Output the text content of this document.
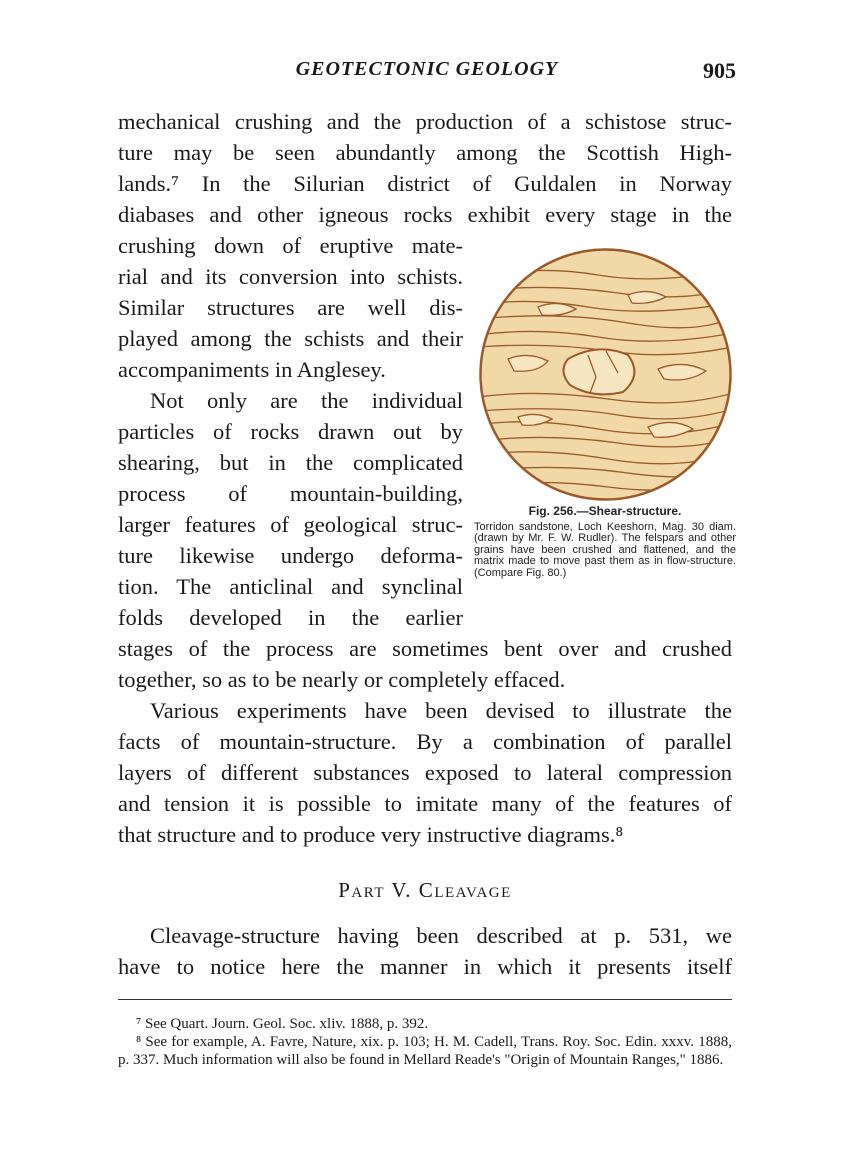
GEOTECTONIC GEOLOGY	905
mechanical crushing and the production of a schistose struc-
ture may be seen abundantly among the Scottish High-
lands.⁷ In the Silurian district of Guldalen in Norway
diabases and other igneous rocks exhibit every stage in the
crushing down of eruptive mate-
rial and its conversion into schists.
Similar structures are well dis-
played among the schists and their
accompaniments in Anglesey.
Not only are the individual
particles of rocks drawn out by
shearing, but in the complicated
process of mountain-building,
larger features of geological struc-
ture likewise undergo deforma-
tion. The anticlinal and synclinal
folds developed in the earlier
stages of the process are sometimes bent over and crushed
together, so as to be nearly or completely effaced.
Various experiments have been devised to illustrate the
facts of mountain-structure. By a combination of parallel
layers of different substances exposed to lateral compression
and tension it is possible to imitate many of the features of
that structure and to produce very instructive diagrams.⁸
Part V. Cleavage
Cleavage-structure having been described at p. 531, we
have to notice here the manner in which it presents itself
Fig. 256.—Shear-structure.
Torridon sandstone, Loch Keeshorn, Mag. 30 diam. (drawn by Mr. F. W. Rudler). The felspars and other grains have been crushed and flattened, and the matrix made to move past them as in flow-structure. (Compare Fig. 80.)
⁷ See Quart. Journ. Geol. Soc. xliv. 1888, p. 392.
⁸ See for example, A. Favre, Nature, xix. p. 103; H. M. Cadell, Trans. Roy. Soc. Edin. xxxv. 1888, p. 337. Much information will also be found in Mellard Reade's "Origin of Mountain Ranges," 1886.
